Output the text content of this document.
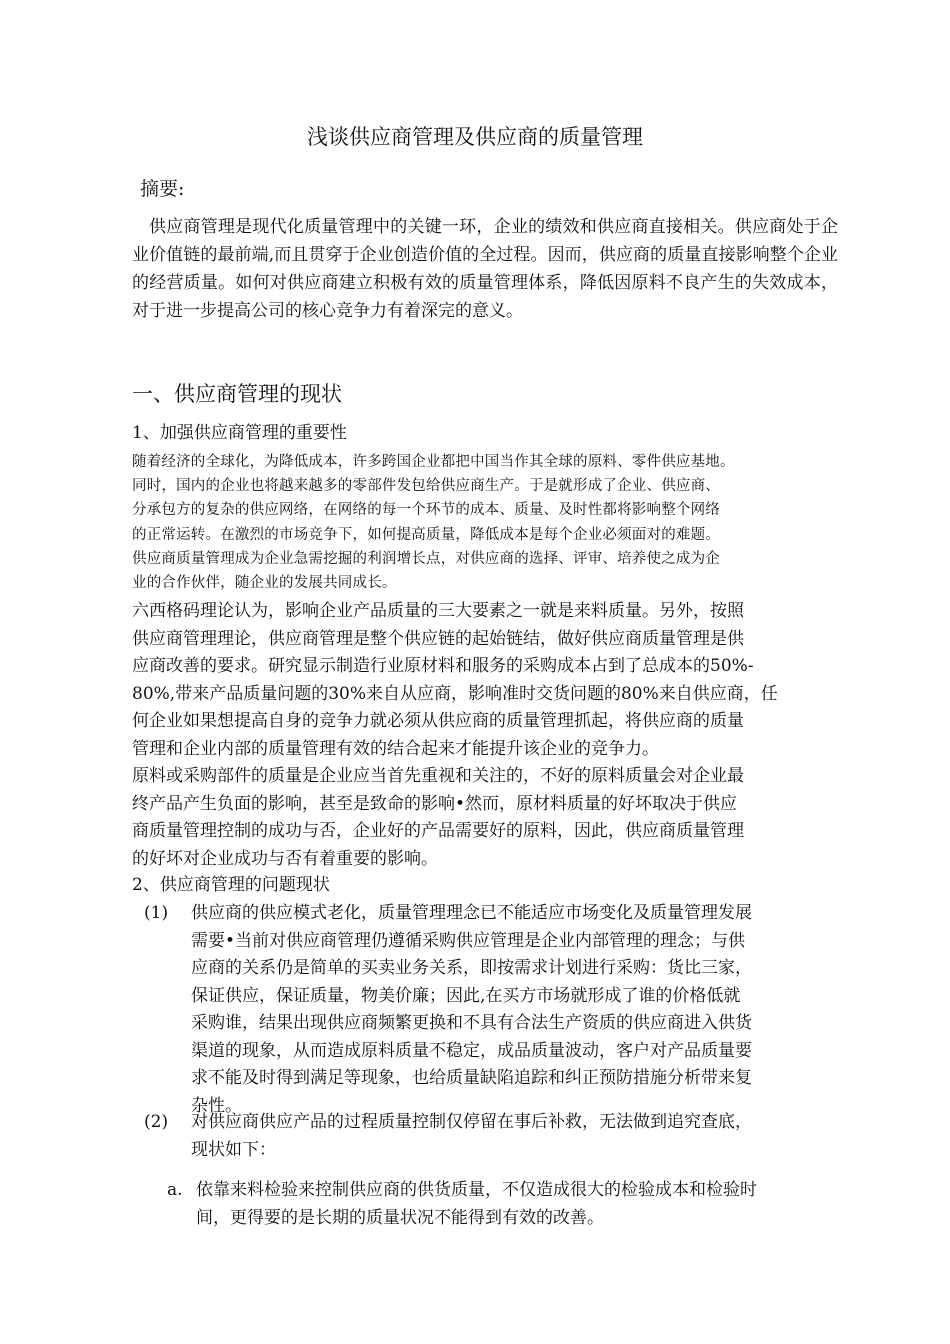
浅谈供应商管理及供应商的质量管理
摘要:

供应商管理是现代化质量管理中的关键一环，企业的绩效和供应商直接相关。供应商处于企业价值链的最前端,而且贯穿于企业创造价值的全过程。因而，供应商的质量直接影响整个企业的经营质量。如何对供应商建立积极有效的质量管理体系，降低因原料不良产生的失效成本，对于进一步提高公司的核心竞争力有着深完的意义。

一、供应商管理的现状
1、加强供应商管理的重要性

随着经济的全球化，为降低成本，许多跨国企业都把中国当作其全球的原料、零件供应基地。
同时，国内的企业也将越来越多的零部件发包给供应商生产。于是就形成了企业、供应商、
分承包方的复杂的供应网络，在网络的每一个环节的成本、质量、及时性都将影响整个网络
的正常运转。在激烈的市场竞争下，如何提高质量，降低成本是每个企业必须面对的难题。
供应商质量管理成为企业急需挖掘的利润增长点，对供应商的选择、评审、培养使之成为企
业的合作伙伴，随企业的发展共同成长。

六西格码理论认为，影响企业产品质量的三大要素之一就是来料质量。另外，按照
供应商管理理论，供应商管理是整个供应链的起始链结，做好供应商质量管理是供
应商改善的要求。研究显示制造行业原材料和服务的采购成本占到了总成本的50%-
80%,带来产品质量问题的30%来自从应商，影响准时交货问题的80%来自供应商，任
何企业如果想提高自身的竞争力就必须从供应商的质量管理抓起，将供应商的质量
管理和企业内部的质量管理有效的结合起来才能提升该企业的竞争力。

原料或采购部件的质量是企业应当首先重视和关注的，不好的原料质量会对企业最
终产品产生负面的影响，甚至是致命的影响•然而，原材料质量的好坏取决于供应
商质量管理控制的成功与否，企业好的产品需要好的原料，因此，供应商质量管理
的好坏对企业成功与否有着重要的影响。

2、供应商管理的问题现状
(1)	供应商的供应模式老化，质量管理理念已不能适应市场变化及质量管理发展
需要•当前对供应商管理仍遵循采购供应管理是企业内部管理的理念；与供
应商的关系仍是简单的买卖业务关系，即按需求计划进行采购：货比三家，
保证供应，保证质量，物美价廉；因此,在买方市场就形成了谁的价格低就
采购谁，结果出现供应商频繁更换和不具有合法生产资质的供应商进入供货
渠道的现象，从而造成原料质量不稳定，成品质量波动，客户对产品质量要
求不能及时得到满足等现象，也给质量缺陷追踪和纠正预防措施分析带来复
杂性。
(2)	对供应商供应产品的过程质量控制仅停留在事后补救，无法做到追究查底，
现状如下：
a. 依靠来料检验来控制供应商的供货质量，不仅造成很大的检验成本和检验时
间，更得要的是长期的质量状况不能得到有效的改善。
